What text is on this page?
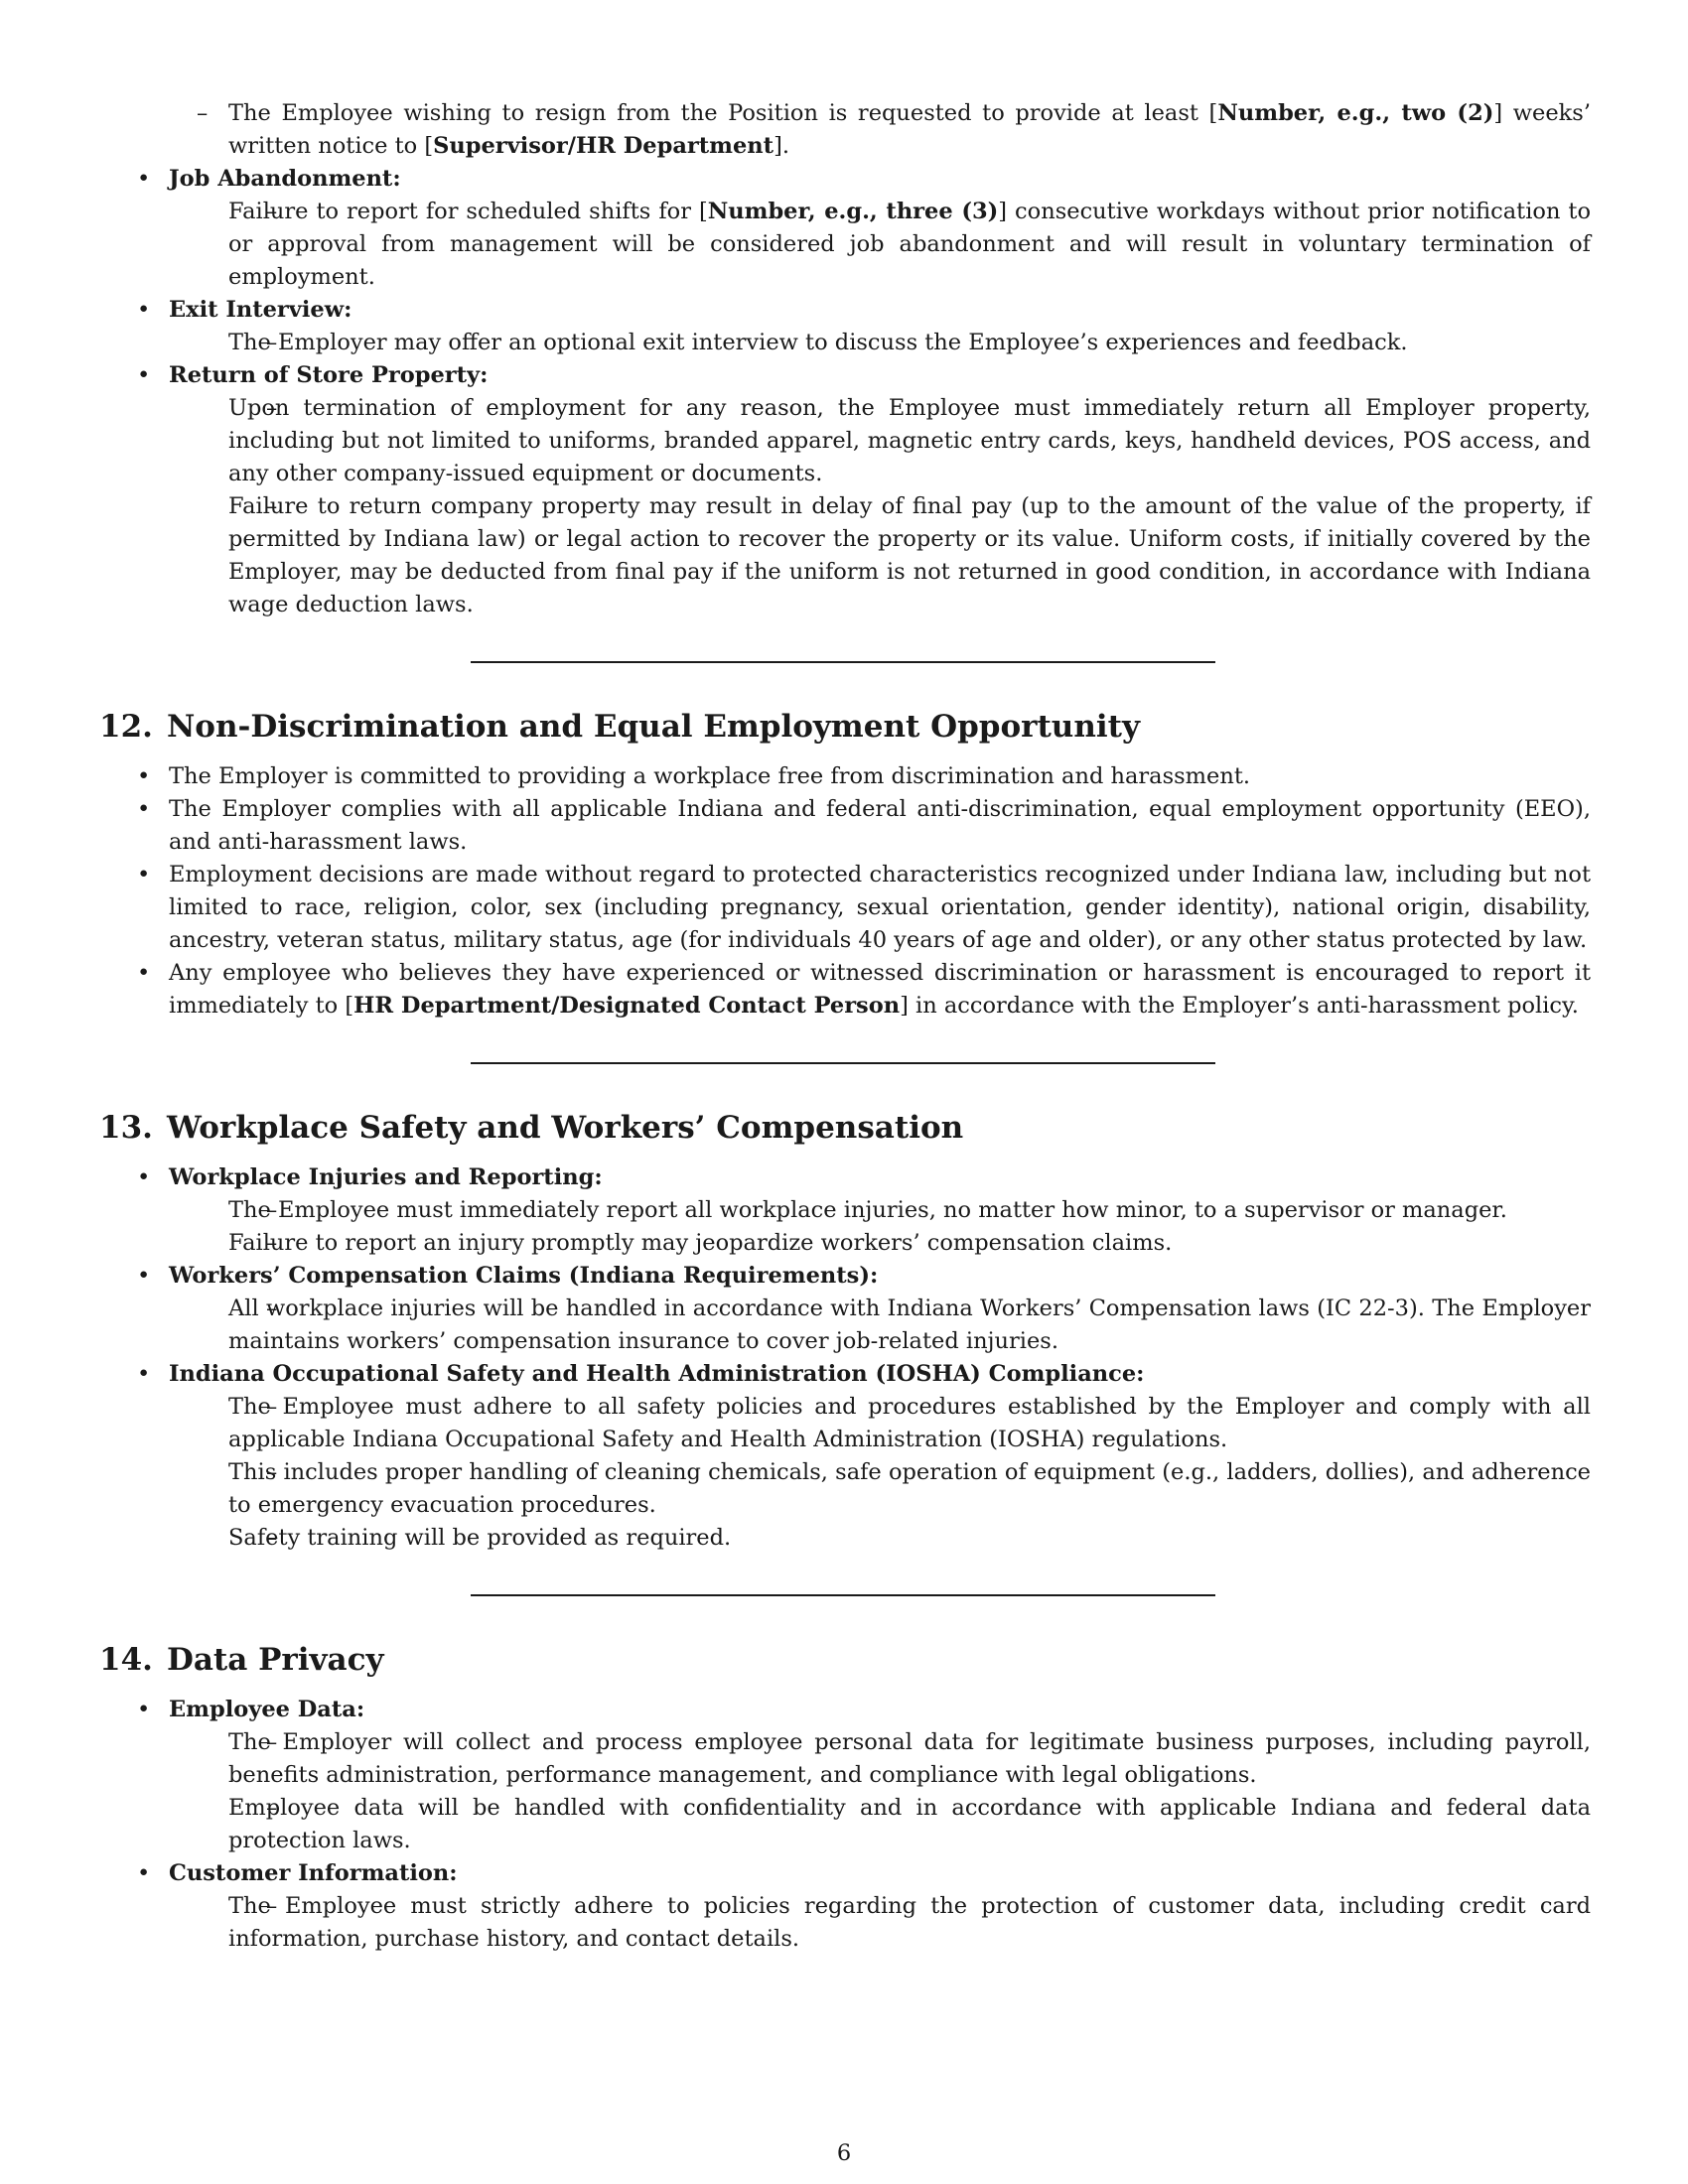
– The Employee wishing to resign from the Position is requested to provide at least [Number, e.g., two (2)] weeks’ written notice to [Supervisor/HR Department].

• Job Abandonment:

– Failure to report for scheduled shifts for [Number, e.g., three (3)] consecutive workdays without prior notification to or approval from management will be considered job abandonment and will result in voluntary termination of employment.

• Exit Interview:

– The Employer may offer an optional exit interview to discuss the Employee’s experiences and feedback.

• Return of Store Property:

– Upon termination of employment for any reason, the Employee must immediately return all Employer property, including but not limited to uniforms, branded apparel, magnetic entry cards, keys, handheld devices, POS access, and any other company-issued equipment or documents.

– Failure to return company property may result in delay of final pay (up to the amount of the value of the property, if permitted by Indiana law) or legal action to recover the property or its value. Uniform costs, if initially covered by the Employer, may be deducted from final pay if the uniform is not returned in good condition, in accordance with Indiana wage deduction laws.

12. Non-Discrimination and Equal Employment Opportunity

• The Employer is committed to providing a workplace free from discrimination and harassment.

• The Employer complies with all applicable Indiana and federal anti-discrimination, equal employment opportunity (EEO), and anti-harassment laws.

• Employment decisions are made without regard to protected characteristics recognized under Indiana law, including but not limited to race, religion, color, sex (including pregnancy, sexual orientation, gender identity), national origin, disability, ancestry, veteran status, military status, age (for individuals 40 years of age and older), or any other status protected by law.

• Any employee who believes they have experienced or witnessed discrimination or harassment is encouraged to report it immediately to [HR Department/Designated Contact Person] in accordance with the Employer’s anti-harassment policy.

13. Workplace Safety and Workers’ Compensation
• Workplace Injuries and Reporting:

– The Employee must immediately report all workplace injuries, no matter how minor, to a supervisor or manager.

– Failure to report an injury promptly may jeopardize workers’ compensation claims.

• Workers’ Compensation Claims (Indiana Requirements):

– All workplace injuries will be handled in accordance with Indiana Workers’ Compensation laws (IC 22-3). The Employer maintains workers’ compensation insurance to cover job-related injuries.

• Indiana Occupational Safety and Health Administration (IOSHA) Compliance:

– The Employee must adhere to all safety policies and procedures established by the Employer and comply with all applicable Indiana Occupational Safety and Health Administration (IOSHA) regulations.

– This includes proper handling of cleaning chemicals, safe operation of equipment (e.g., ladders, dollies), and adherence to emergency evacuation procedures.

– Safety training will be provided as required.

14. Data Privacy
• Employee Data:

– The Employer will collect and process employee personal data for legitimate business purposes, including payroll, benefits administration, performance management, and compliance with legal obligations.

– Employee data will be handled with confidentiality and in accordance with applicable Indiana and federal data protection laws.

• Customer Information:

– The Employee must strictly adhere to policies regarding the protection of customer data, including credit card information, purchase history, and contact details.

6
